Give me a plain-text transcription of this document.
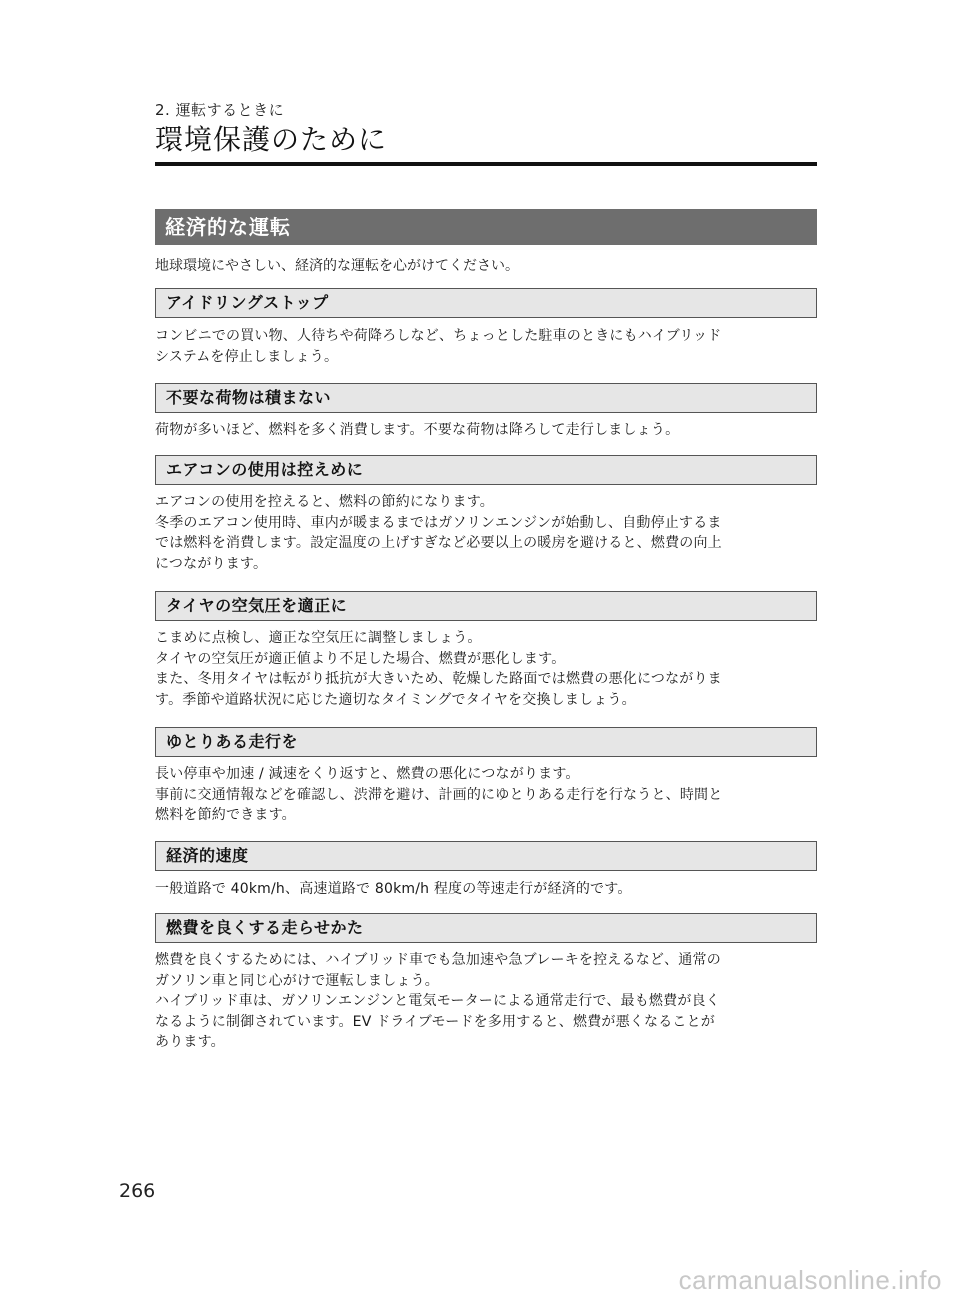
2. 運転するときに
環境保護のために
経済的な運転
地球環境にやさしい、経済的な運転を心がけてください。
アイドリングストップ

コンビニでの買い物、人待ちや荷降ろしなど、ちょっとした駐車のときにもハイブリッド

システムを停止しましょう。

不要な荷物は積まない

荷物が多いほど、燃料を多く消費します。不要な荷物は降ろして走行しましょう。

エアコンの使用は控えめに

エアコンの使用を控えると、燃料の節約になります。

冬季のエアコン使用時、車内が暖まるまではガソリンエンジンが始動し、自動停止するま

では燃料を消費します。設定温度の上げすぎなど必要以上の暖房を避けると、燃費の向上

につながります。

タイヤの空気圧を適正に

こまめに点検し、適正な空気圧に調整しましょう。

タイヤの空気圧が適正値より不足した場合、燃費が悪化します。

また、冬用タイヤは転がり抵抗が大きいため、乾燥した路面では燃費の悪化につながりま

す。季節や道路状況に応じた適切なタイミングでタイヤを交換しましょう。

ゆとりある走行を

長い停車や加速 / 減速をくり返すと、燃費の悪化につながります。

事前に交通情報などを確認し、渋滞を避け、計画的にゆとりある走行を行なうと、時間と

燃料を節約できます。

経済的速度

一般道路で 40km/h、高速道路で 80km/h 程度の等速走行が経済的です。

燃費を良くする走らせかた

燃費を良くするためには、ハイブリッド車でも急加速や急ブレーキを控えるなど、通常の

ガソリン車と同じ心がけで運転しましょう。

ハイブリッド車は、ガソリンエンジンと電気モーターによる通常走行で、最も燃費が良く

なるように制御されています。EV ドライブモードを多用すると、燃費が悪くなることが

あります。

266
carmanualsonline.info
